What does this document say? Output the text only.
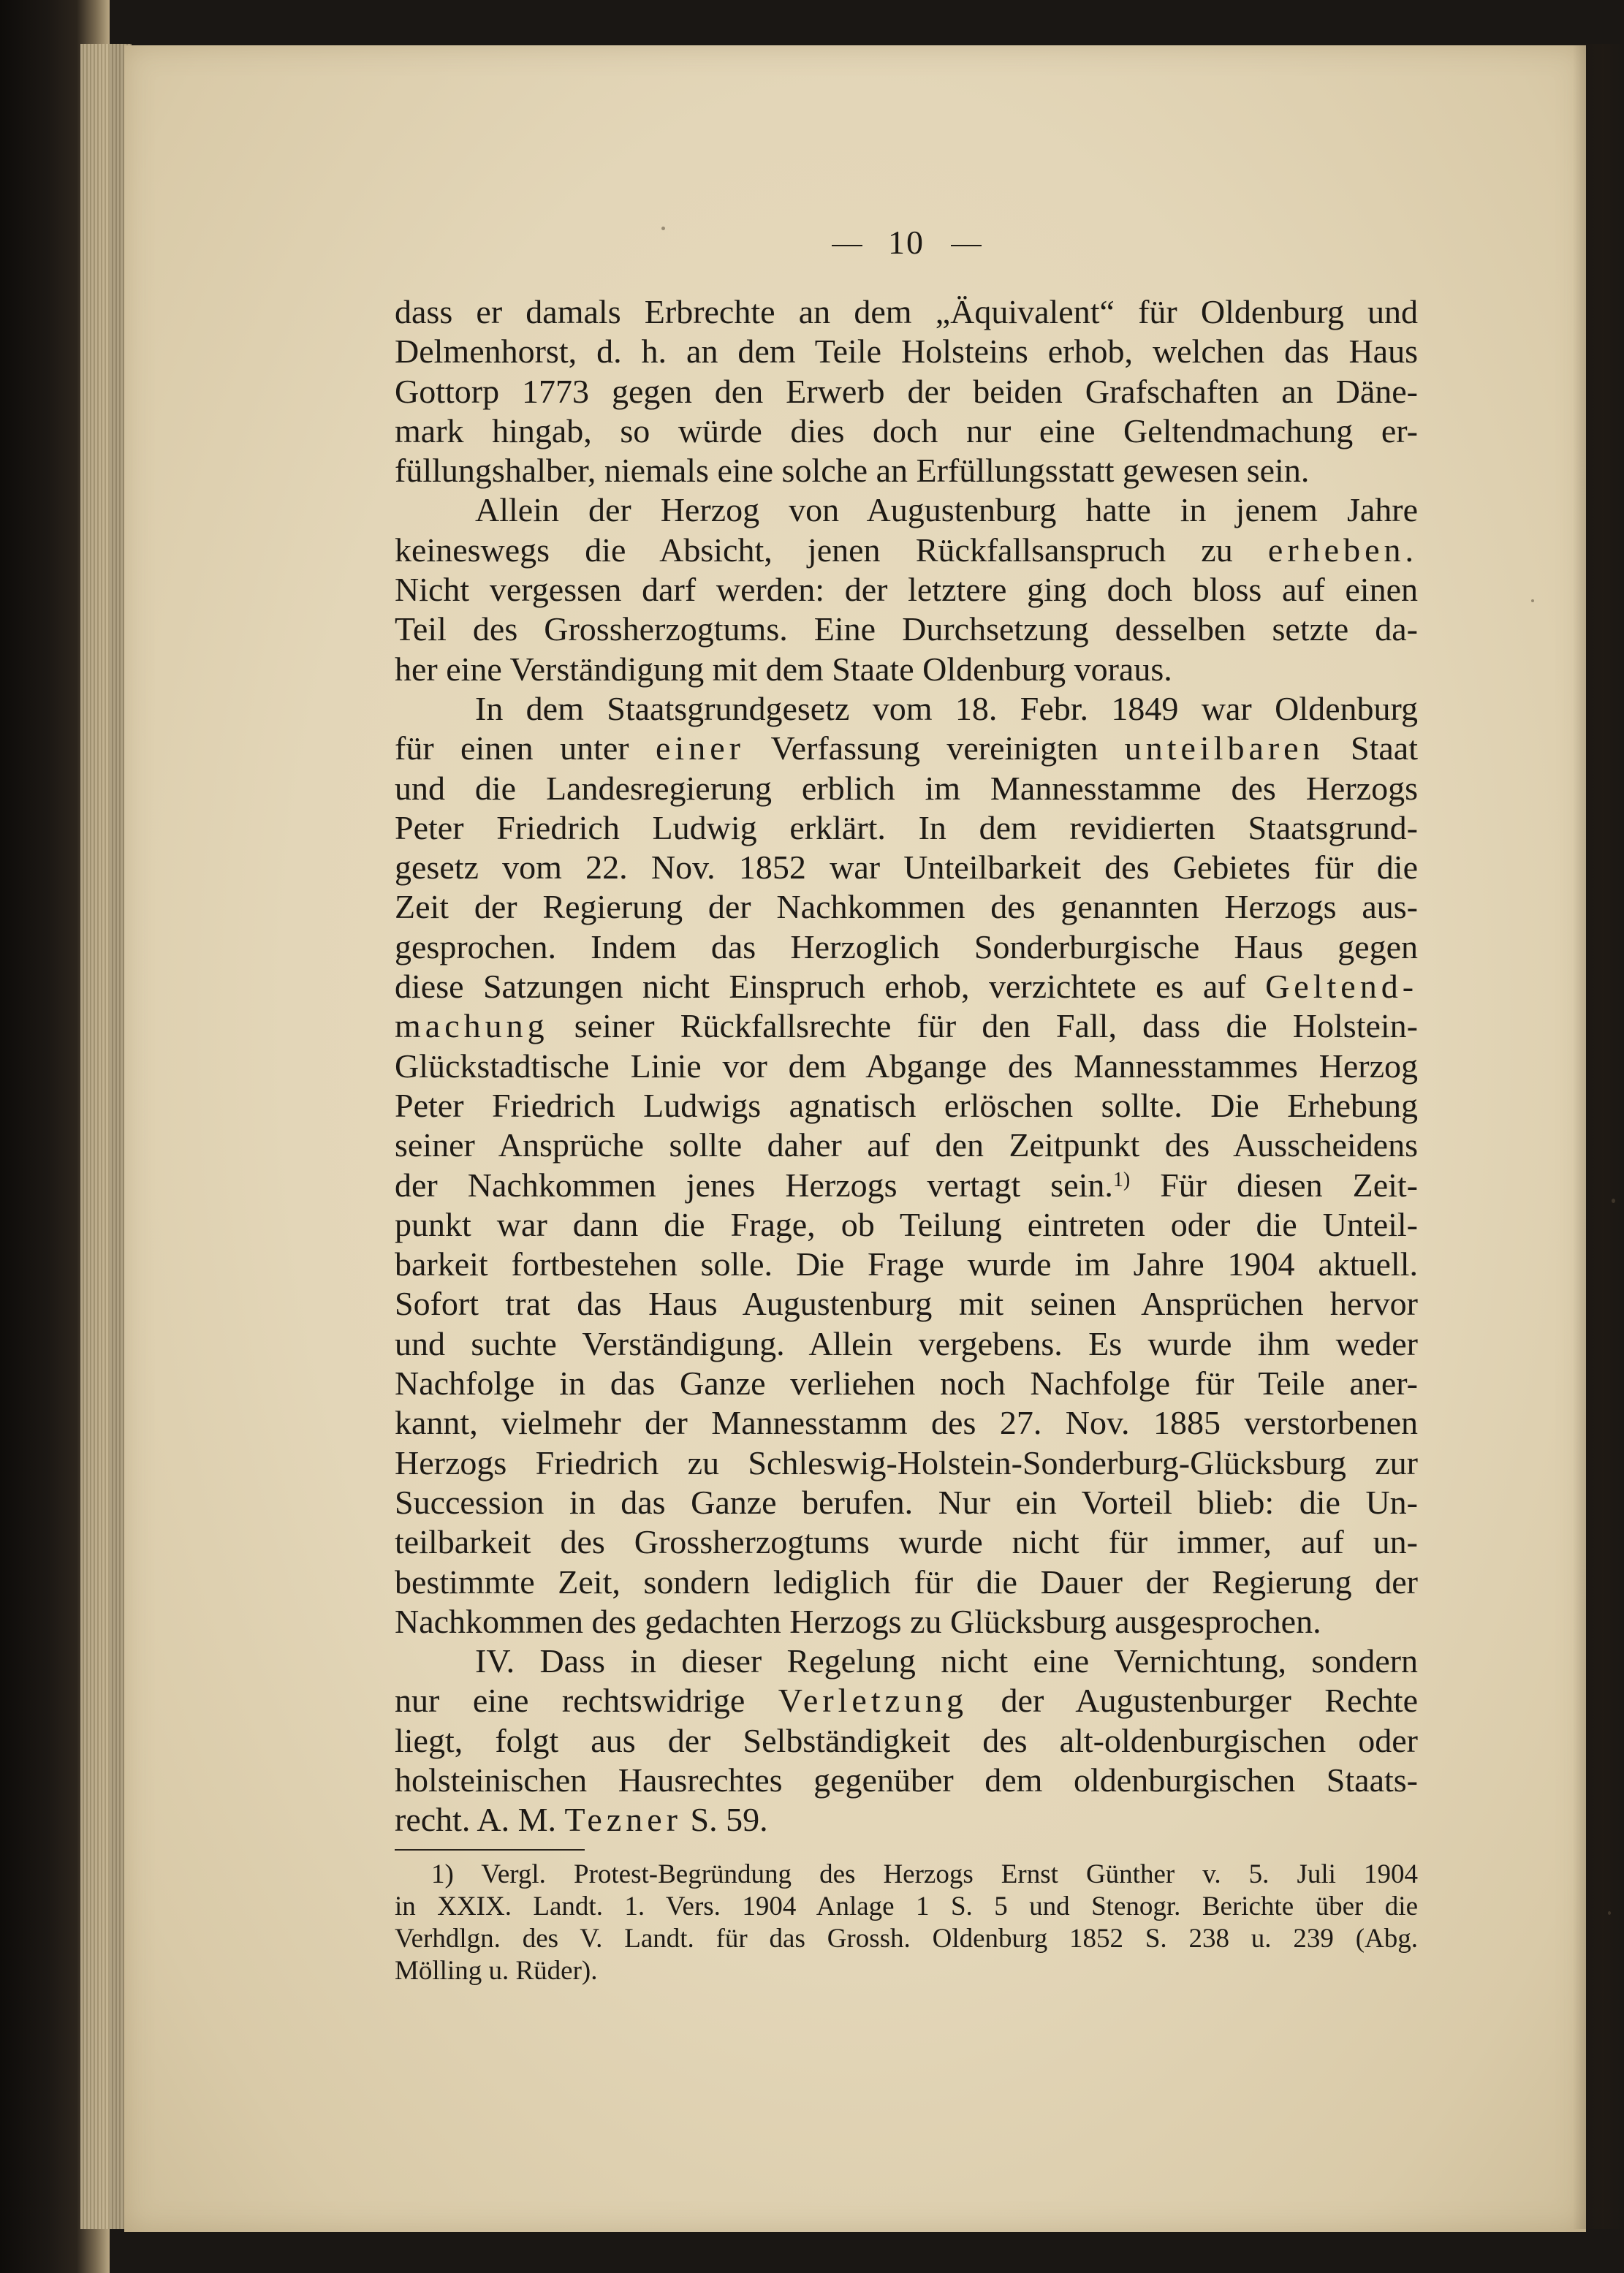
10
dass er damals Erbrechte an dem „Äquivalent“ für Oldenburg und
Delmenhorst, d. h. an dem Teile Holsteins erhob, welchen das Haus
Gottorp 1773 gegen den Erwerb der beiden Grafschaften an Däne-
mark hingab, so würde dies doch nur eine Geltendmachung er-
füllungshalber, niemals eine solche an Erfüllungsstatt gewesen sein.
Allein der Herzog von Augustenburg hatte in jenem Jahre
keineswegs die Absicht, jenen Rückfallsanspruch zu erheben.
Nicht vergessen darf werden: der letztere ging doch bloss auf einen
Teil des Grossherzogtums. Eine Durchsetzung desselben setzte da-
her eine Verständigung mit dem Staate Oldenburg voraus.
In dem Staatsgrundgesetz vom 18. Febr. 1849 war Oldenburg
für einen unter einer Verfassung vereinigten unteilbaren Staat
und die Landesregierung erblich im Mannesstamme des Herzogs
Peter Friedrich Ludwig erklärt. In dem revidierten Staatsgrund-
gesetz vom 22. Nov. 1852 war Unteilbarkeit des Gebietes für die
Zeit der Regierung der Nachkommen des genannten Herzogs aus-
gesprochen. Indem das Herzoglich Sonderburgische Haus gegen
diese Satzungen nicht Einspruch erhob, verzichtete es auf Geltend-
machung seiner Rückfallsrechte für den Fall, dass die Holstein-
Glückstadtische Linie vor dem Abgange des Mannesstammes Herzog
Peter Friedrich Ludwigs agnatisch erlöschen sollte. Die Erhebung
seiner Ansprüche sollte daher auf den Zeitpunkt des Ausscheidens
der Nachkommen jenes Herzogs vertagt sein.$^{1)}$ Für diesen Zeit-
punkt war dann die Frage, ob Teilung eintreten oder die Unteil-
barkeit fortbestehen solle. Die Frage wurde im Jahre 1904 aktuell.
Sofort trat das Haus Augustenburg mit seinen Ansprüchen hervor
und suchte Verständigung. Allein vergebens. Es wurde ihm weder
Nachfolge in das Ganze verliehen noch Nachfolge für Teile aner-
kannt, vielmehr der Mannesstamm des 27. Nov. 1885 verstorbenen
Herzogs Friedrich zu Schleswig-Holstein-Sonderburg-Glücksburg zur
Succession in das Ganze berufen. Nur ein Vorteil blieb: die Un-
teilbarkeit des Grossherzogtums wurde nicht für immer, auf un-
bestimmte Zeit, sondern lediglich für die Dauer der Regierung der
Nachkommen des gedachten Herzogs zu Glücksburg ausgesprochen.
IV. Dass in dieser Regelung nicht eine Vernichtung, sondern
nur eine rechtswidrige Verletzung der Augustenburger Rechte
liegt, folgt aus der Selbständigkeit des alt-oldenburgischen oder
holsteinischen Hausrechtes gegenüber dem oldenburgischen Staats-
recht. A. M. Tezner S. 59.
1) Vergl. Protest-Begründung des Herzogs Ernst Günther v. 5. Juli 1904
in XXIX. Landt. 1. Vers. 1904 Anlage 1 S. 5 und Stenogr. Berichte über die
Verhdlgn. des V. Landt. für das Grossh. Oldenburg 1852 S. 238 u. 239 (Abg.
Mölling u. Rüder).
